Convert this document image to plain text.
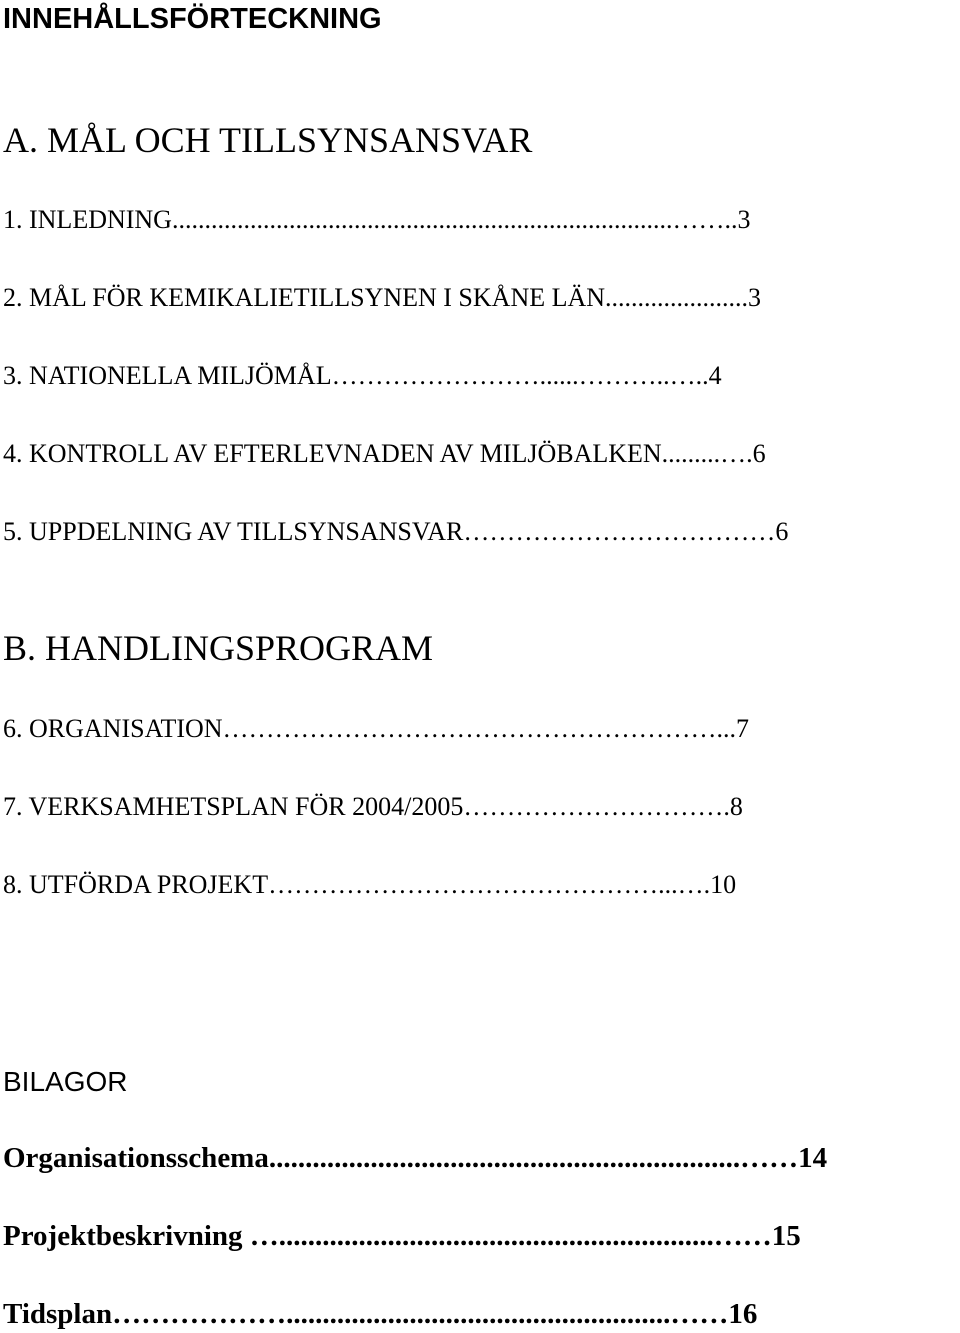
INNEHÅLLSFÖRTECKNING
A. MÅL OCH TILLSYNSANSVAR
1. INLEDNING.............................................................................……..3
2. MÅL FÖR KEMIKALIETILLSYNEN I SKÅNE LÄN......................3
3. NATIONELLA MILJÖMÅL……………………......………..…..4
4. KONTROLL AV EFTERLEVNADEN AV MILJÖBALKEN.........….6
5. UPPDELNING AV TILLSYNSANSVAR………………………………6
B. HANDLINGSPROGRAM
6. ORGANISATION…………………………………………………...7
7. VERKSAMHETSPLAN FÖR 2004/2005………………………….8
8. UTFÖRDA PROJEKT………………………………………...….10
BILAGOR
Organisationsschema.................................................................……14
Projektbeskrivning …............................................................……15
Tidsplan……………….....................................................……16
